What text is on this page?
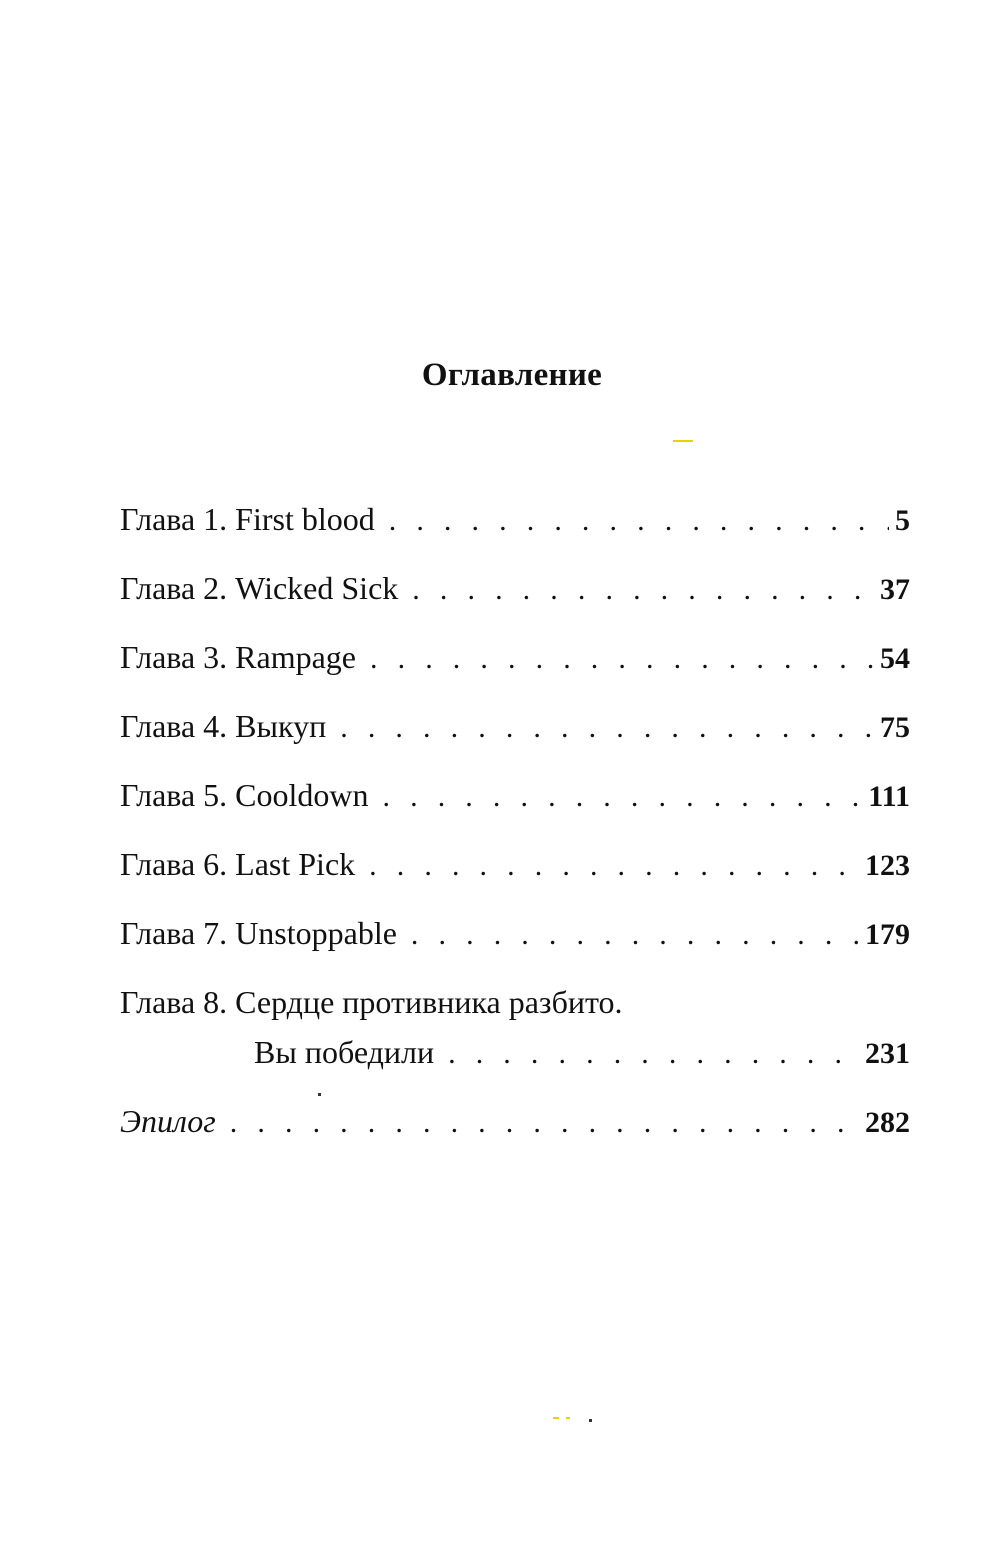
Оглавление
Глава 1. First blood . . .	5
Глава 2. Wicked Sick . . .	37
Глава 3. Rampage . . .	54
Глава 4. Выкуп . . .	75
Глава 5. Cooldown . . .	111
Глава 6. Last Pick . . .	123
Глава 7. Unstoppable . . .	179
Глава 8. Сердце противника разбито.
Вы победили . . .	231
Эпилог . . .	282
